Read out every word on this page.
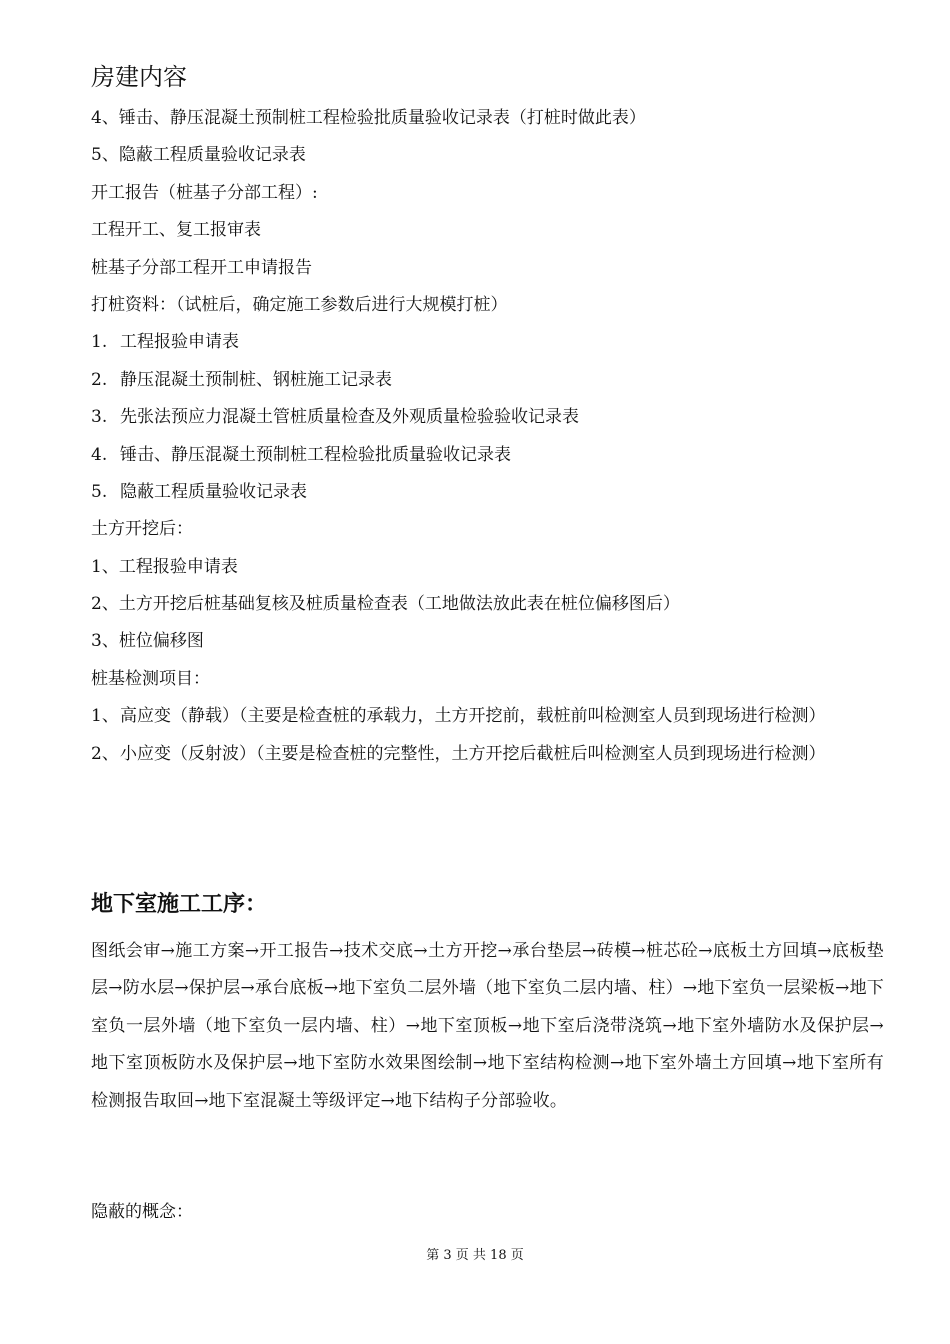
房建内容
4、锤击、静压混凝土预制桩工程检验批质量验收记录表（打桩时做此表）
5、隐蔽工程质量验收记录表
开工报告（桩基子分部工程）:
工程开工、复工报审表
桩基子分部工程开工申请报告
打桩资料：（试桩后，确定施工参数后进行大规模打桩）
1. 工程报验申请表
2. 静压混凝土预制桩、钢桩施工记录表
3. 先张法预应力混凝土管桩质量检查及外观质量检验验收记录表
4. 锤击、静压混凝土预制桩工程检验批质量验收记录表
5. 隐蔽工程质量验收记录表
土方开挖后：
1、工程报验申请表
2、土方开挖后桩基础复核及桩质量检查表（工地做法放此表在桩位偏移图后）
3、桩位偏移图
桩基检测项目：
1、高应变（静载）（主要是检查桩的承载力，土方开挖前，载桩前叫检测室人员到现场进行检测）
2、小应变（反射波）（主要是检查桩的完整性，土方开挖后截桩后叫检测室人员到现场进行检测）
地下室施工工序：
图纸会审→施工方案→开工报告→技术交底→土方开挖→承台垫层→砖模→桩芯砼→底板土方回填→底板垫层→防水层→保护层→承台底板→地下室负二层外墙（地下室负二层内墙、柱）→地下室负一层梁板→地下室负一层外墙（地下室负一层内墙、柱）→地下室顶板→地下室后浇带浇筑→地下室外墙防水及保护层→地下室顶板防水及保护层→地下室防水效果图绘制→地下室结构检测→地下室外墙土方回填→地下室所有检测报告取回→地下室混凝土等级评定→地下结构子分部验收。
隐蔽的概念：
第 3 页 共 18 页
